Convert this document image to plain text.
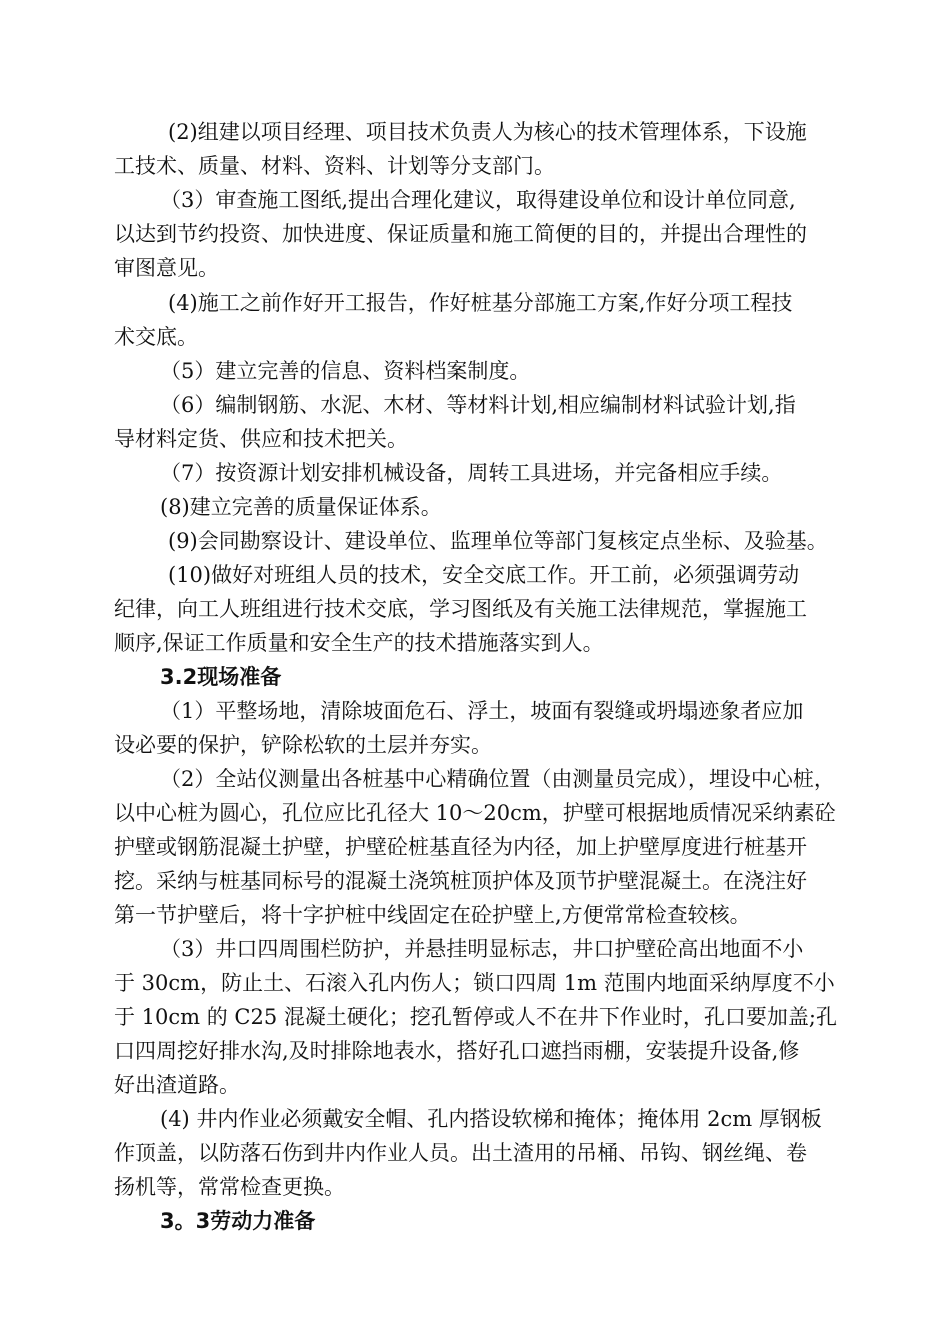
(2)组建以项目经理、项目技术负责人为核心的技术管理体系，下设施
工技术、质量、材料、资料、计划等分支部门。
（3）审查施工图纸,提出合理化建议，取得建设单位和设计单位同意,
以达到节约投资、加快进度、保证质量和施工简便的目的，并提出合理性的
审图意见。
(4)施工之前作好开工报告，作好桩基分部施工方案,作好分项工程技
术交底。
（5）建立完善的信息、资料档案制度。
（6）编制钢筋、水泥、木材、等材料计划,相应编制材料试验计划,指
导材料定货、供应和技术把关。
（7）按资源计划安排机械设备，周转工具进场，并完备相应手续。
(8)建立完善的质量保证体系。
(9)会同勘察设计、建设单位、监理单位等部门复核定点坐标、及验基。
(10)做好对班组人员的技术，安全交底工作。开工前，必须强调劳动
纪律，向工人班组进行技术交底，学习图纸及有关施工法律规范，掌握施工
顺序,保证工作质量和安全生产的技术措施落实到人。
3.2现场准备
（1）平整场地，清除坡面危石、浮土，坡面有裂缝或坍塌迹象者应加
设必要的保护，铲除松软的土层并夯实。
（2）全站仪测量出各桩基中心精确位置（由测量员完成），埋设中心桩，
以中心桩为圆心，孔位应比孔径大 10～20cm，护壁可根据地质情况采纳素砼
护壁或钢筋混凝土护壁，护壁砼桩基直径为内径，加上护壁厚度进行桩基开
挖。采纳与桩基同标号的混凝土浇筑桩顶护体及顶节护壁混凝土。在浇注好
第一节护壁后，将十字护桩中线固定在砼护壁上,方便常常检查较核。
（3）井口四周围栏防护，并悬挂明显标志，井口护壁砼高出地面不小
于 30cm，防止土、石滚入孔内伤人；锁口四周 1m 范围内地面采纳厚度不小
于 10cm 的 C25 混凝土硬化；挖孔暂停或人不在井下作业时，孔口要加盖;孔
口四周挖好排水沟,及时排除地表水，搭好孔口遮挡雨棚，安装提升设备,修
好出渣道路。
(4) 井内作业必须戴安全帽、孔内搭设软梯和掩体；掩体用 2cm 厚钢板
作顶盖，以防落石伤到井内作业人员。出土渣用的吊桶、吊钩、钢丝绳、卷
扬机等，常常检查更换。
3。3劳动力准备
